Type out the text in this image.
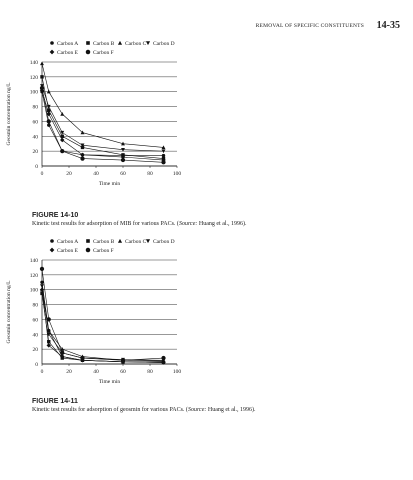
REMOVAL OF SPECIFIC CONSTITUENTS 14-35
Carbon A	Carbon B Carbon C Carbon D
Carbon E	Carbon F
0	20	40	60	80	100
0
20
40
60
80
100
120
140
Time min
Geosmin concentration ng/L
FIGURE 14-10
Kinetic test results for adsorption of MIB for various PACs. (Source: Huang et al., 1996).
Carbon A	Carbon B Carbon C Carbon D
Carbon E	Carbon F
0	20	40	60	80	100
0
20
40
60
80
100
120
140
Time min
Geosmin concentration ng/L
FIGURE 14-11
Kinetic test results for adsorption of geosmin for various PACs. (Source: Huang et al., 1996).
